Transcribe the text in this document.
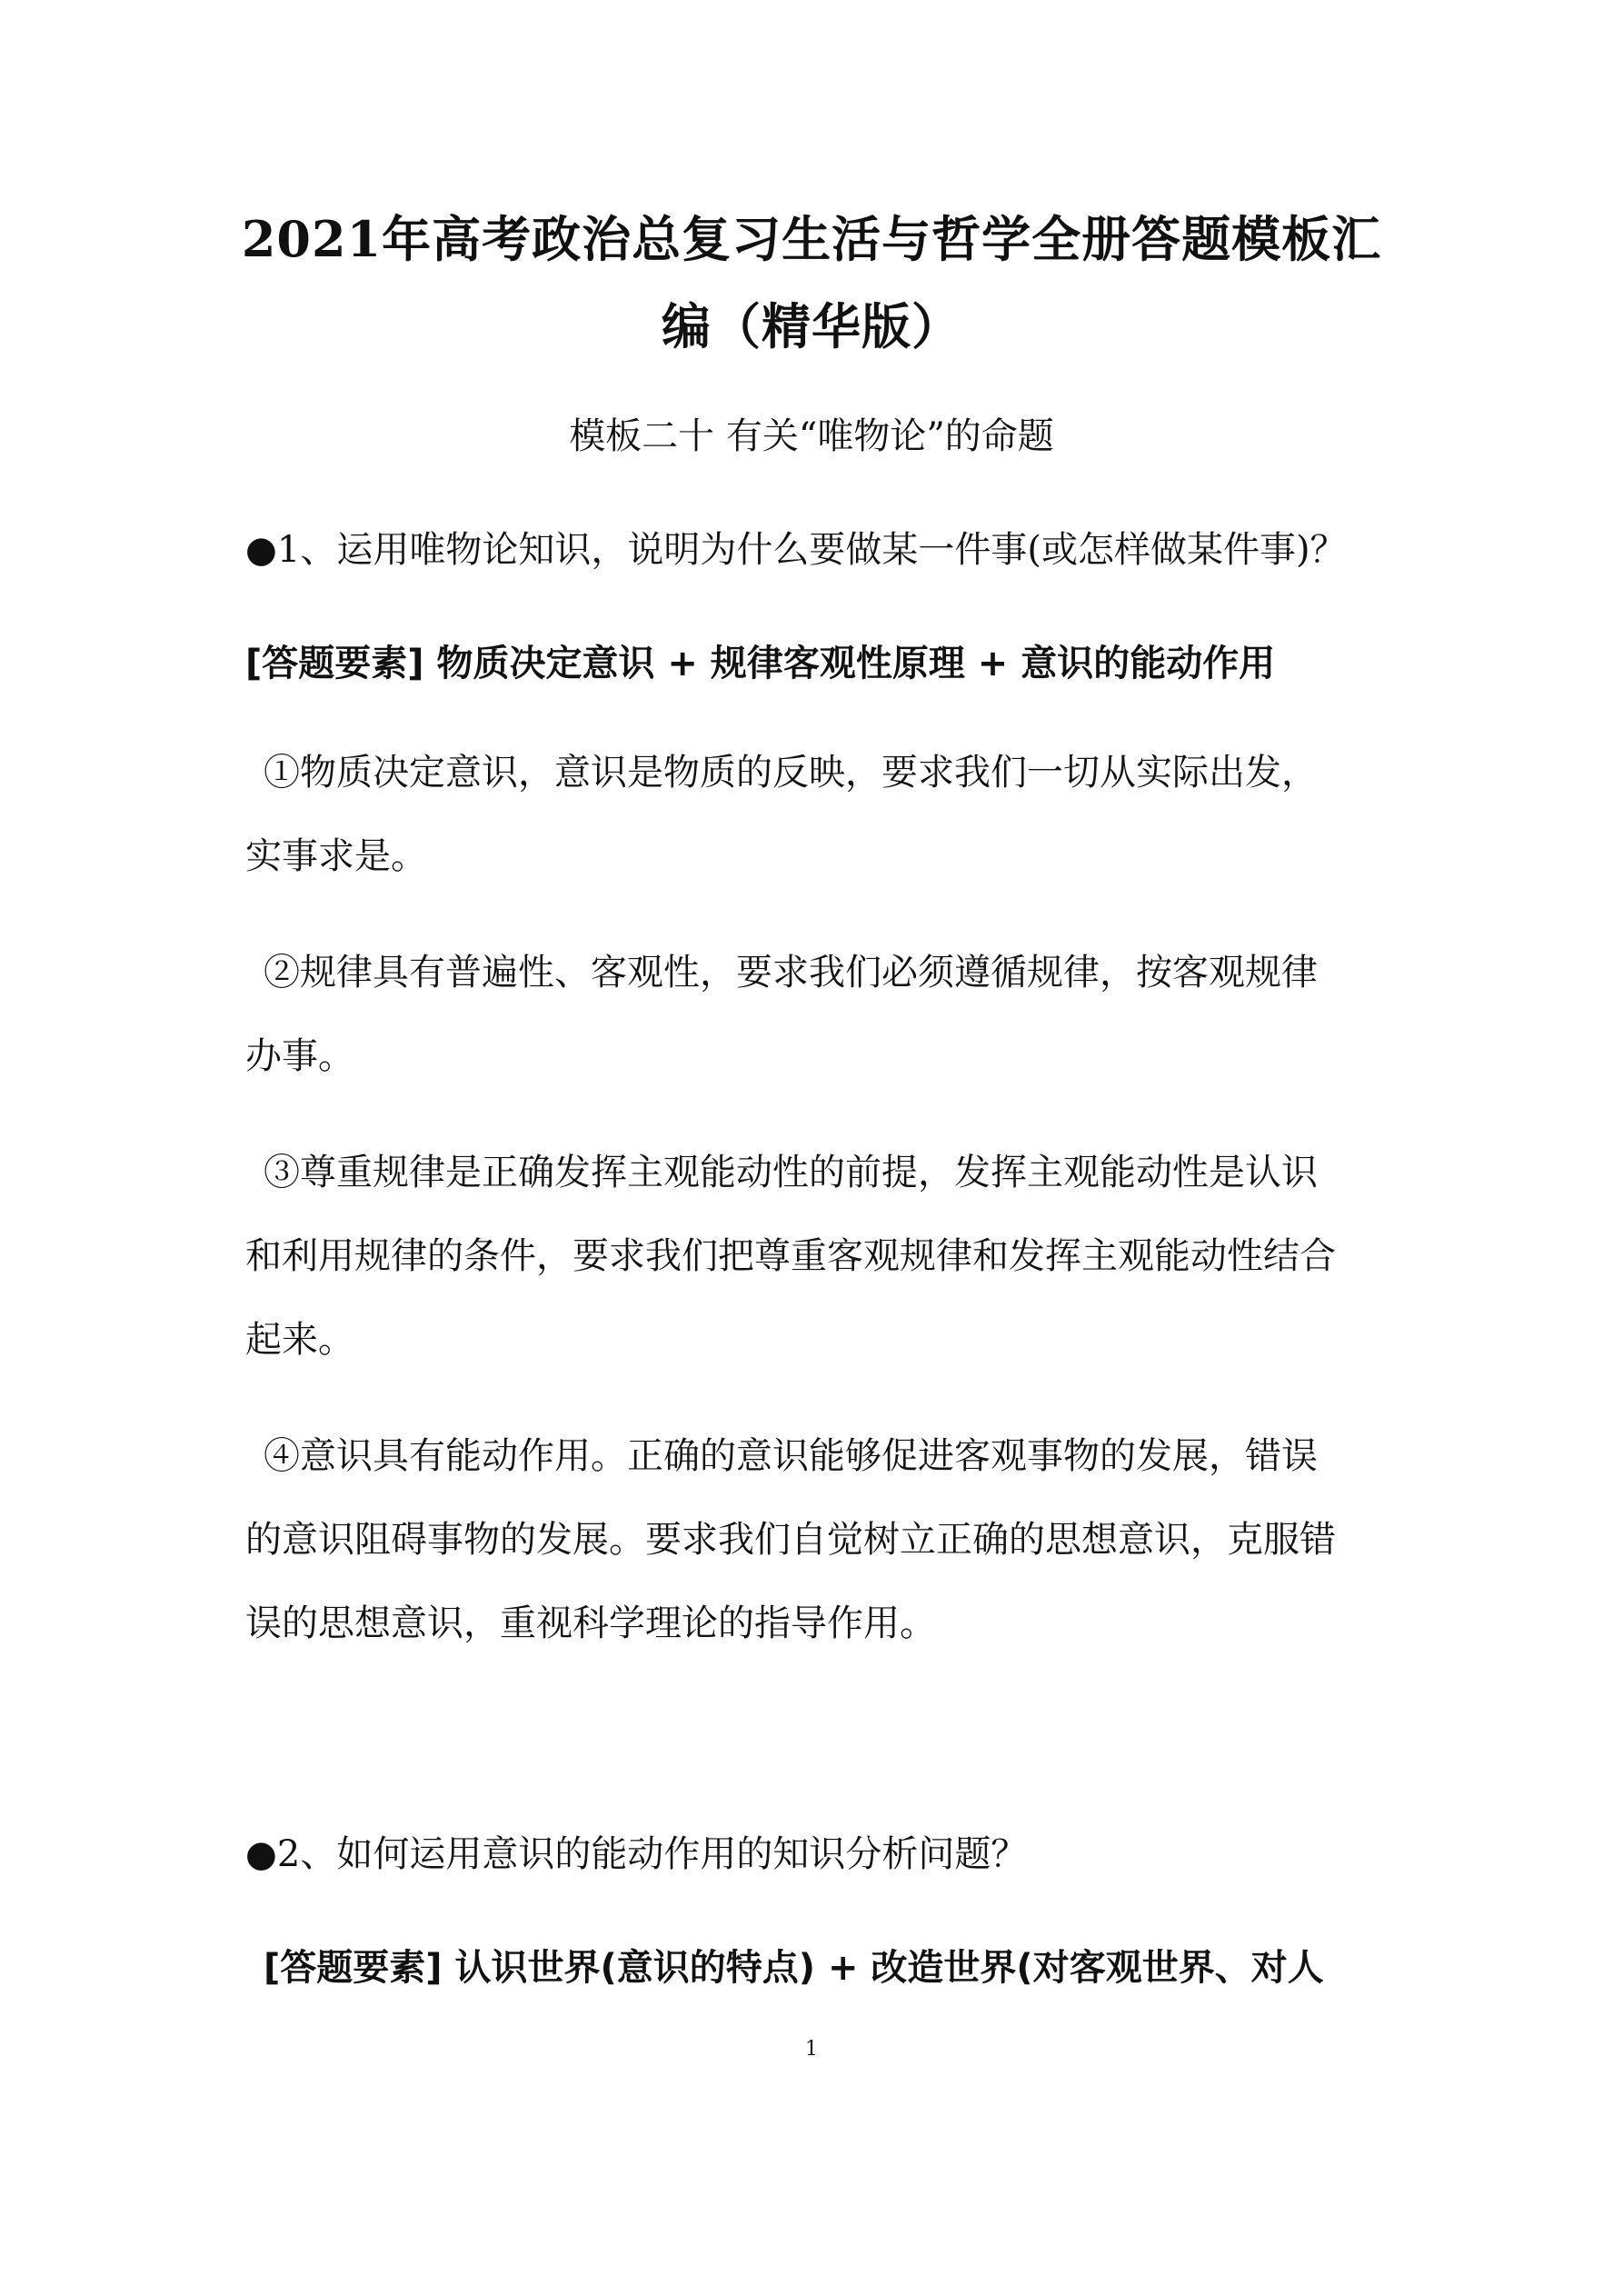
2021年高考政治总复习生活与哲学全册答题模板汇
编（精华版）
模板二十 有关“唯物论”的命题
●1、运用唯物论知识，说明为什么要做某一件事(或怎样做某件事)？
[答题要素] 物质决定意识 + 规律客观性原理 + 意识的能动作用
①物质决定意识，意识是物质的反映，要求我们一切从实际出发，
实事求是。
②规律具有普遍性、客观性，要求我们必须遵循规律，按客观规律
办事。
③尊重规律是正确发挥主观能动性的前提，发挥主观能动性是认识
和利用规律的条件，要求我们把尊重客观规律和发挥主观能动性结合
起来。
④意识具有能动作用。正确的意识能够促进客观事物的发展，错误
的意识阻碍事物的发展。要求我们自觉树立正确的思想意识，克服错
误的思想意识，重视科学理论的指导作用。
●2、如何运用意识的能动作用的知识分析问题？
[答题要素] 认识世界(意识的特点) + 改造世界(对客观世界、对人
1
